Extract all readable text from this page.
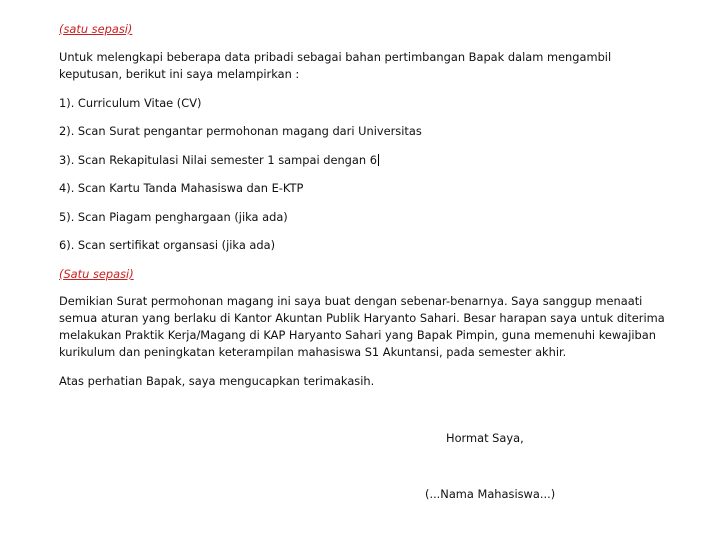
(satu sepasi)
Untuk melengkapi beberapa data pribadi sebagai bahan pertimbangan Bapak dalam mengambil
keputusan, berikut ini saya melampirkan :
1). Curriculum Vitae (CV)
2). Scan Surat pengantar permohonan magang dari Universitas
3). Scan Rekapitulasi Nilai semester 1 sampai dengan 6
4). Scan Kartu Tanda Mahasiswa dan E-KTP
5). Scan Piagam penghargaan (jika ada)
6). Scan sertifikat organsasi (jika ada)
(Satu sepasi)
Demikian Surat permohonan magang ini saya buat dengan sebenar-benarnya. Saya sanggup menaati
semua aturan yang berlaku di Kantor Akuntan Publik Haryanto Sahari. Besar harapan saya untuk diterima
melakukan Praktik Kerja/Magang di KAP Haryanto Sahari yang Bapak Pimpin, guna memenuhi kewajiban
kurikulum dan peningkatan keterampilan mahasiswa S1 Akuntansi, pada semester akhir.
Atas perhatian Bapak, saya mengucapkan terimakasih.
Hormat Saya,
(...Nama Mahasiswa...)
